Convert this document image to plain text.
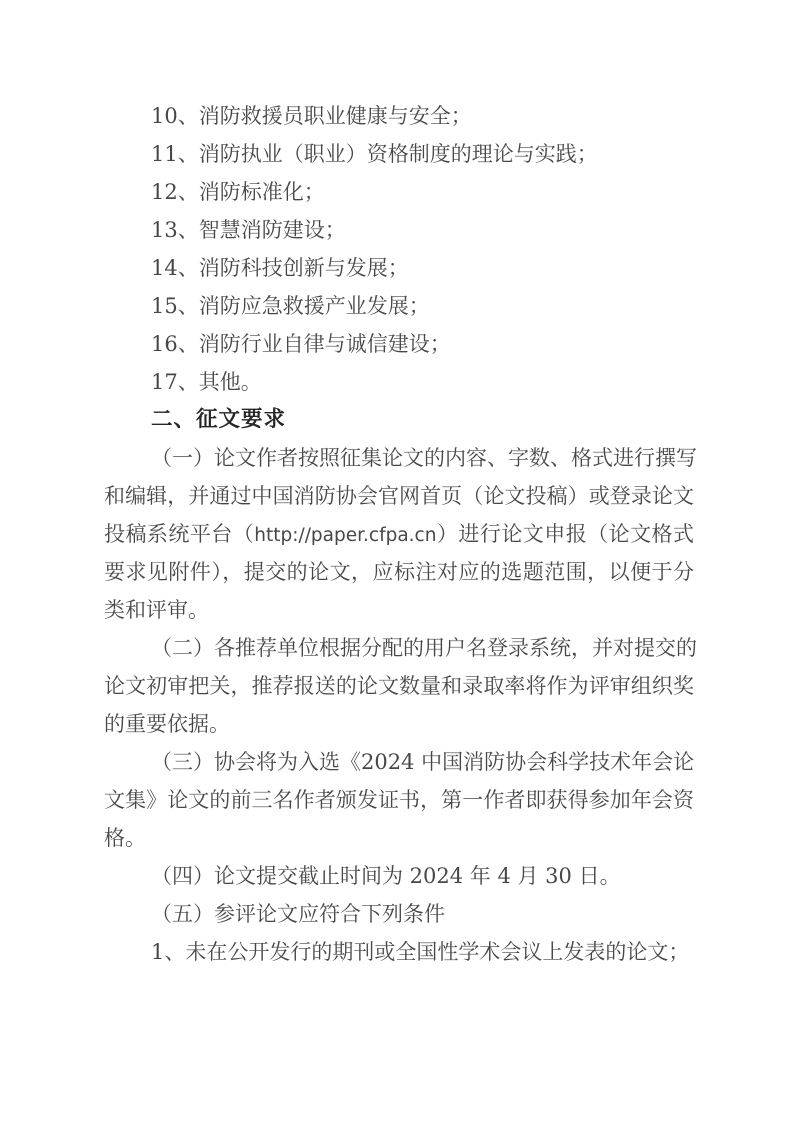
10、消防救援员职业健康与安全；
11、消防执业（职业）资格制度的理论与实践；
12、消防标准化；
13、智慧消防建设；
14、消防科技创新与发展；
15、消防应急救援产业发展；
16、消防行业自律与诚信建设；
17、其他。
二、征文要求
（一）论文作者按照征集论文的内容、字数、格式进行撰写
和编辑，并通过中国消防协会官网首页（论文投稿）或登录论文
投稿系统平台（http://paper.cfpa.cn）进行论文申报（论文格式
要求见附件），提交的论文，应标注对应的选题范围，以便于分
类和评审。
（二）各推荐单位根据分配的用户名登录系统，并对提交的
论文初审把关，推荐报送的论文数量和录取率将作为评审组织奖
的重要依据。
（三）协会将为入选《2024 中国消防协会科学技术年会论
文集》论文的前三名作者颁发证书，第一作者即获得参加年会资
格。
（四）论文提交截止时间为 2024 年 4 月 30 日。
（五）参评论文应符合下列条件
1、未在公开发行的期刊或全国性学术会议上发表的论文；
